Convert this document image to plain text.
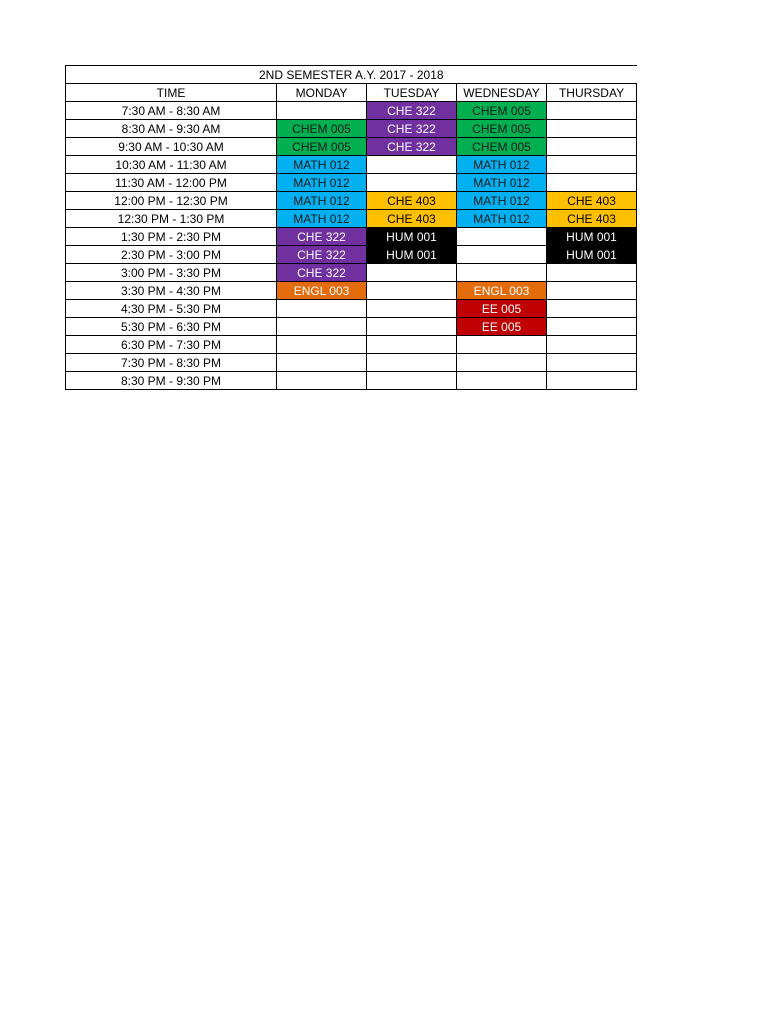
2ND SEMESTER A.Y. 2017 - 2018				
TIME	MONDAY	TUESDAY	WEDNESDAY	THURSDAY
7:30 AM - 8:30 AM		CHE 322	CHEM 005	
8:30 AM - 9:30 AM	CHEM 005	CHE 322	CHEM 005	
9:30 AM - 10:30 AM	CHEM 005	CHE 322	CHEM 005	
10:30 AM - 11:30 AM	MATH 012		MATH 012	
11:30 AM - 12:00 PM	MATH 012		MATH 012	
12:00 PM - 12:30 PM	MATH 012	CHE 403	MATH 012	CHE 403
12:30 PM - 1:30 PM	MATH 012	CHE 403	MATH 012	CHE 403
1:30 PM - 2:30 PM	CHE 322	HUM 001		HUM 001
2:30 PM - 3:00 PM	CHE 322	HUM 001		HUM 001
3:00 PM - 3:30 PM	CHE 322			
3:30 PM - 4:30 PM	ENGL 003		ENGL 003	
4:30 PM - 5:30 PM			EE 005	
5:30 PM - 6:30 PM			EE 005	
6:30 PM - 7:30 PM				
7:30 PM - 8:30 PM				
8:30 PM - 9:30 PM				
